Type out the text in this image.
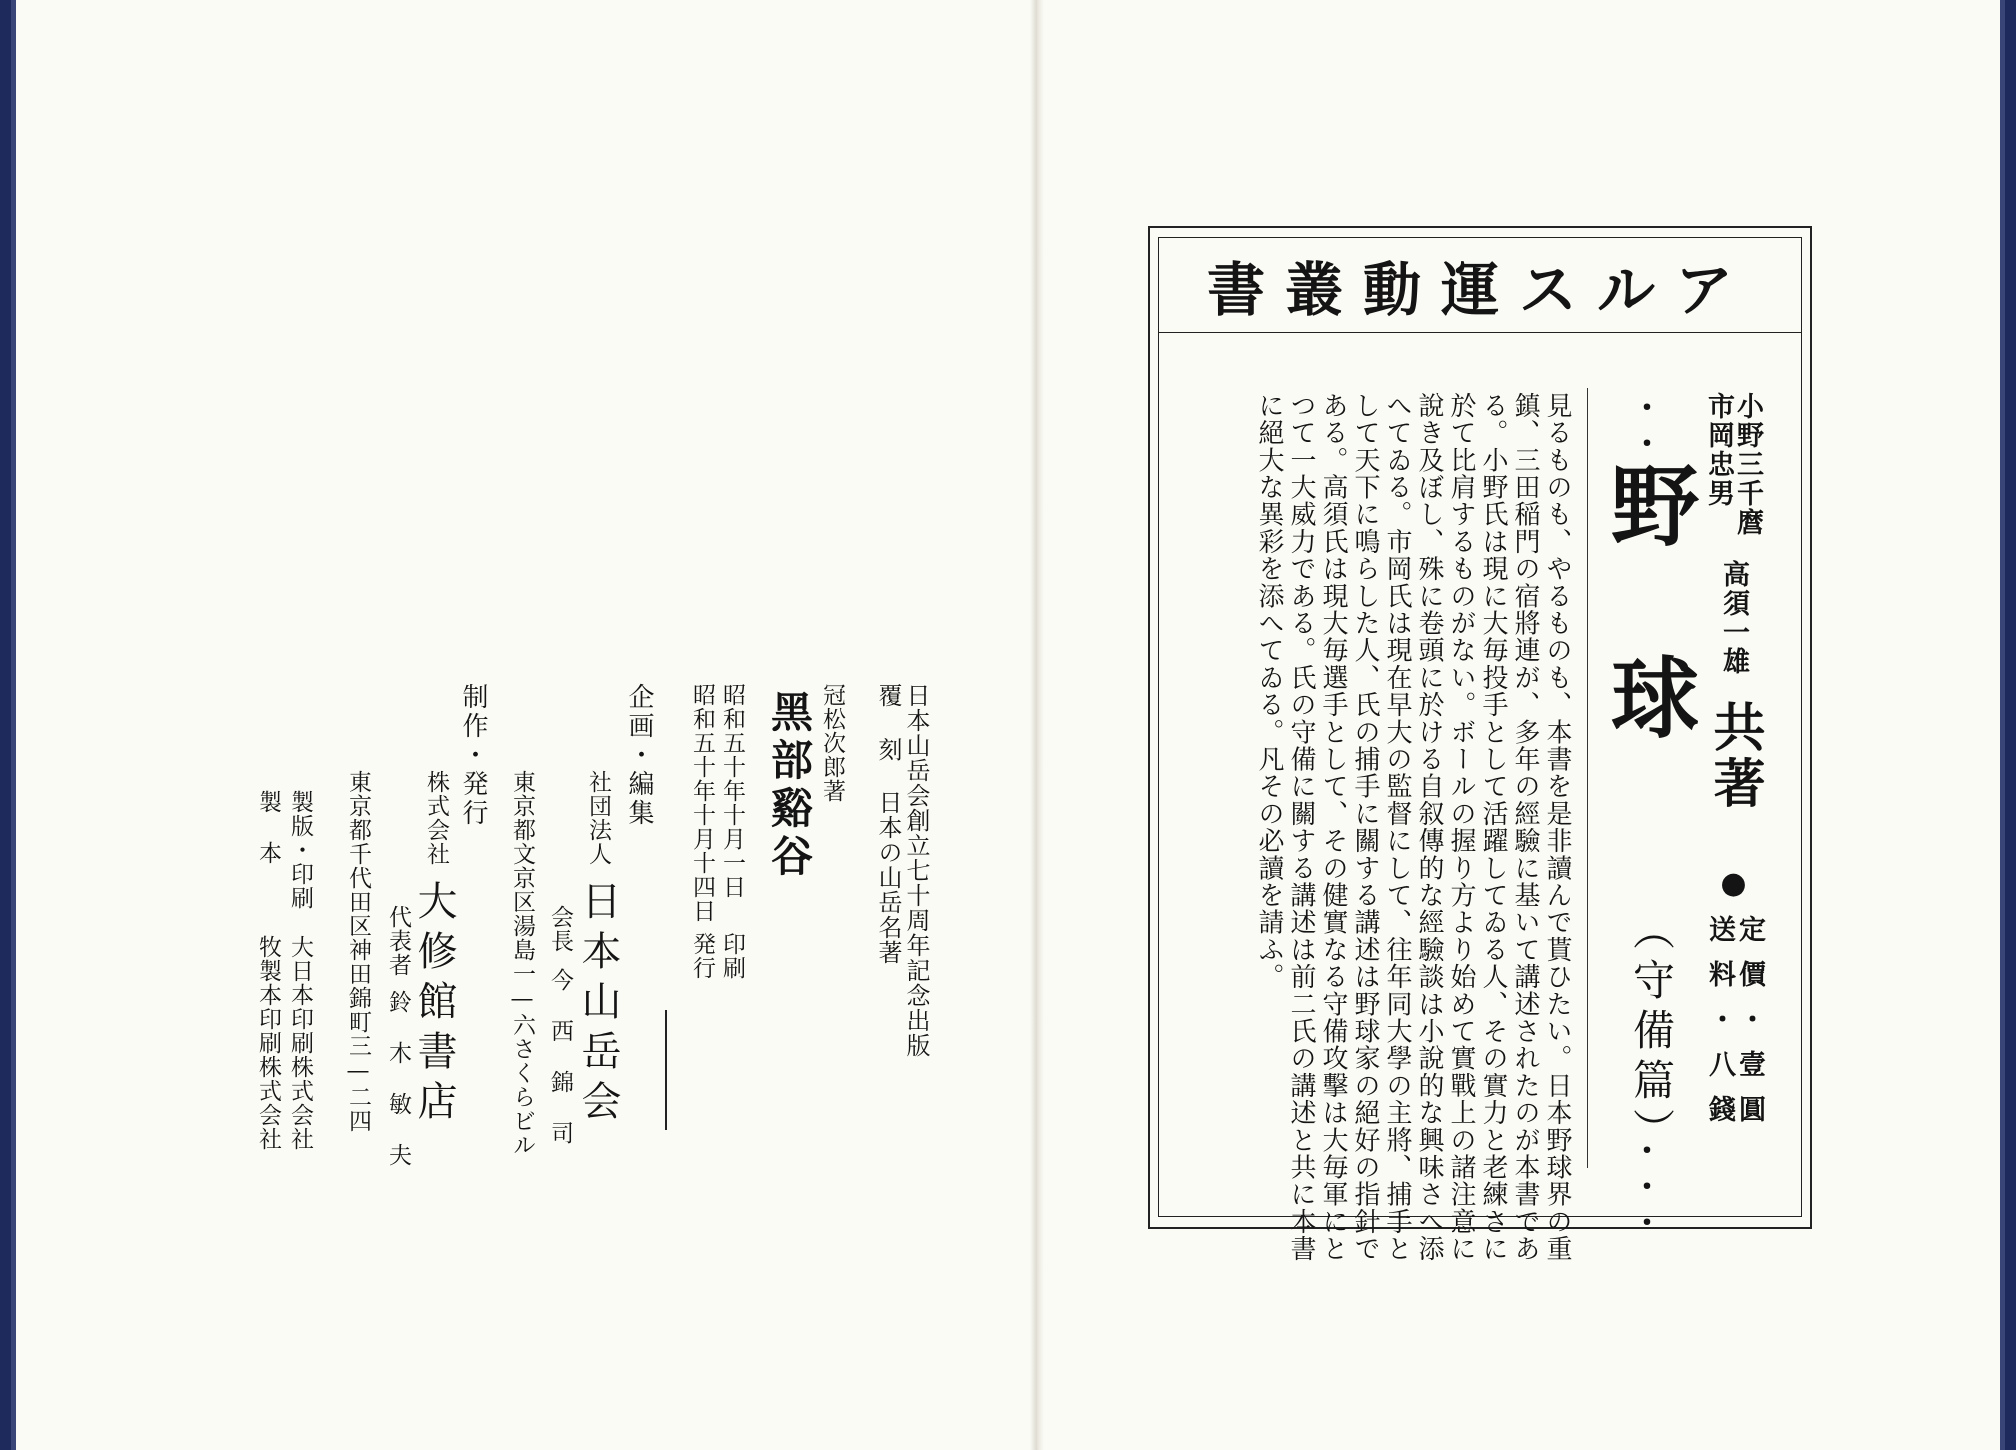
日本山岳会創立七十周年記念出版
覆 刻
日本の山岳名著
冠松次郎著
黑部谿谷
昭和五十年十月一日
印刷
昭和五十年十月十四日
発行
企画・編集
社団法人
日本山岳会
会長
今 西 錦 司
東京都文京区湯島一—六さくらビル
制作・発行
株式会社
大修館書店
代表者
鈴 木 敏 夫
東京都千代田区神田錦町三—二四
製版・印刷
大日本印刷株式会社
製 本
牧製本印刷株式会社
アルス運動叢書
小野三千麿
市岡忠男
高須一雄
共著
●
定價・壹圓
送料・八錢
・・
野 球
（守備篇）
・・・
見るものも、やるものも、本書を是非讀んで貰ひたい。日本野球界の重
鎮、三田稲門の宿將連が、多年の經驗に基いて講述されたのが本書であ
る。小野氏は現に大毎投手として活躍してゐる人、その實力と老練さに
於て比肩するものがない。ボールの握り方より始めて實戰上の諸注意に
說き及ぼし、殊に卷頭に於ける自叙傳的な經驗談は小說的な興味さへ添
へてゐる。市岡氏は現在早大の監督にして、往年同大學の主將、捕手と
して天下に鳴らした人、氏の捕手に關する講述は野球家の絕好の指針で
ある。高須氏は現大毎選手として、その健實なる守備攻擊は大毎軍にと
つて一大威力である。氏の守備に關する講述は前二氏の講述と共に本書
に絕大な異彩を添へてゐる。凡その必讀を請ふ。
